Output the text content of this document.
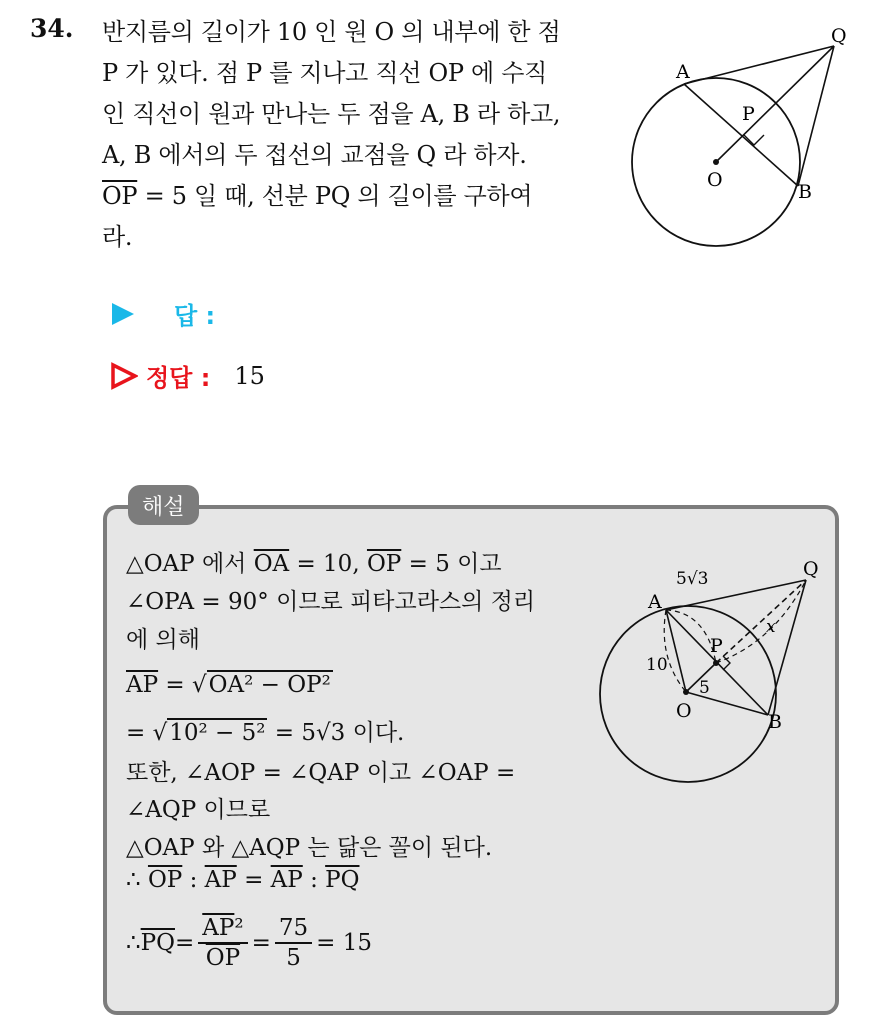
34. 반지름의 길이가 10 인 원 O 의 내부에 한 점
P 가 있다. 점 P 를 지나고 직선 OP 에 수직
인 직선이 원과 만나는 두 점을 A, B 라 하고,
A, B 에서의 두 접선의 교점을 Q 라 하자.
$\overline{OP} = 5$ 일 때, 선분 PQ 의 길이를 구하여
라.
A
Q
P
O
B
답 :
정답 : 15
해설
△OAP 에서 $\overline{OA} = 10$, $\overline{OP} = 5$ 이고
∠OPA = 90° 이므로 피타고라스의 정리
에 의해
$\overline{AP} = √OA^2 - \overline{OP}^2$
= √10² − 5² = 5√3 이다.
또한, ∠AOP = ∠QAP 이고 ∠OAP =
∠AQP 이므로
△OAP 와 △AQP 는 닮은 꼴이 된다.
∴ $\overline{OP}$ : $\overline{AP} = \overline{AP}$ : $\overline{PQ}$
∴ $\overline{PQ} = \frac{\overline{AP}^2}{OP} = \frac{75}{5} = 15$
A
Q
P
O	B
5√3
10
5
x
